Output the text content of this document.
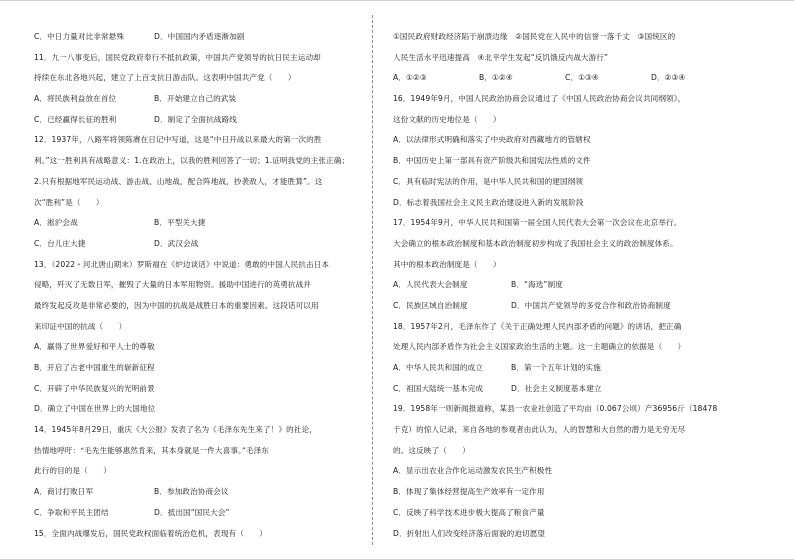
C．中日力量对比非常悬殊	D．中国国内矛盾逐渐加剧
11．九一八事变后，国民党政府奉行不抵抗政策，中国共产党领导的抗日民主运动却
持续在东北各地兴起，建立了上百支抗日游击队。这表明中国共产党（　　）
A．将民族利益放在首位	B．开始建立自己的武装
C．已经赢得长征的胜利	D．制定了全面抗战路线
12．1937年，八路军将领陈赓在日记中写道，这是“中日开战以来最大的第一次的胜
利。”这一胜利具有战略意义：1.在政治上，以我的胜利回答了一切；1.证明我党的主张正确；
2.只有根据地军民运动战、游击战、山地战，配合阵地战，抄袭敌人，才能胜算”。这
次“胜利”是（　　）
A．淞沪会战	B．平型关大捷
C．台儿庄大捷	D．武汉会战
13．（2022・河北唐山期末）罗斯福在《炉边谈话》中说道：勇敢的中国人民抗击日本
侵略，歼灭了无数日军，摧毁了大量的日本军用物资。援助中国进行的英勇抗战并
最终发起反攻是非常必要的，因为中国的抗战是战胜日本的重要因素。这段话可以用
来印证中国的抗战（　　）
A．赢得了世界爱好和平人士的尊敬
B．开启了古老中国重生的崭新征程
C．开辟了中华民族复兴的光明前景
D．确立了中国在世界上的大国地位
14．1945年8月29日，重庆《大公报》发表了名为《毛泽东先生来了！》的社论，
热情地呼吁：“毛先生能够惠然肯来，其本身就是一件大喜事。”毛泽东
此行的目的是（　　）
A．商讨打败日军	B．参加政治协商会议
C．争取和平民主团结	D．抵出国“国民大会”
15．全面内战爆发后，国民党政权面临着统治危机，表现有（　　）
①国民政府财政经济陷于崩溃边缘　②国民党在人民中的信誉一落千丈　③国统区的
人民生活水平迅速提高　④北平学生发起“反饥饿反内战大游行”
A．①②③	B．①②④	C．①③④	D．②③④
16．1949年9月，中国人民政治协商会议通过了《中国人民政治协商会议共同纲领》，
这份文献的历史地位是（　　）
A．以法律形式明确和落实了中央政府对西藏地方的管辖权
B．中国历史上第一部具有资产阶级共和国宪法性质的文件
C．具有临时宪法的作用，是中华人民共和国的建国纲领
D．标志着我国社会主义民主政治建设进入新的发展阶段
17．1954年9月，中华人民共和国第一届全国人民代表大会第一次会议在北京举行。
大会确立的根本政治制度和基本政治制度初步构成了我国社会主义的政治制度体系。
其中的根本政治制度是（　　）
A．人民代表大会制度	B．“海选”制度
C．民族区域自治制度	D．中国共产党领导的多党合作和政治协商制度
18．1957年2月，毛泽东作了《关于正确处理人民内部矛盾的问题》的讲话，把正确
处理人民内部矛盾作为社会主义国家政治生活的主题。这一主题确立的依据是（　　）
A．中华人民共和国的成立	B．第一个五年计划的实施
C．祖国大陆统一基本完成	D．社会主义制度基本建立
19．1958年一则新闻报道称，某县一农业社创造了平均亩（0.067公顷）产36956斤（18478
千克）的惊人记录，来自各地的参观者由此认为，人的智慧和大自然的潜力是无穷无尽
的。这反映了（　　）
A．显示出农业合作化运动激发农民生产积极性
B．体现了集体经营提高生产效率有一定作用
C．反映了科学技术进步极大提高了粮食产量
D．折射出人们改变经济落后面貌的迫切愿望
